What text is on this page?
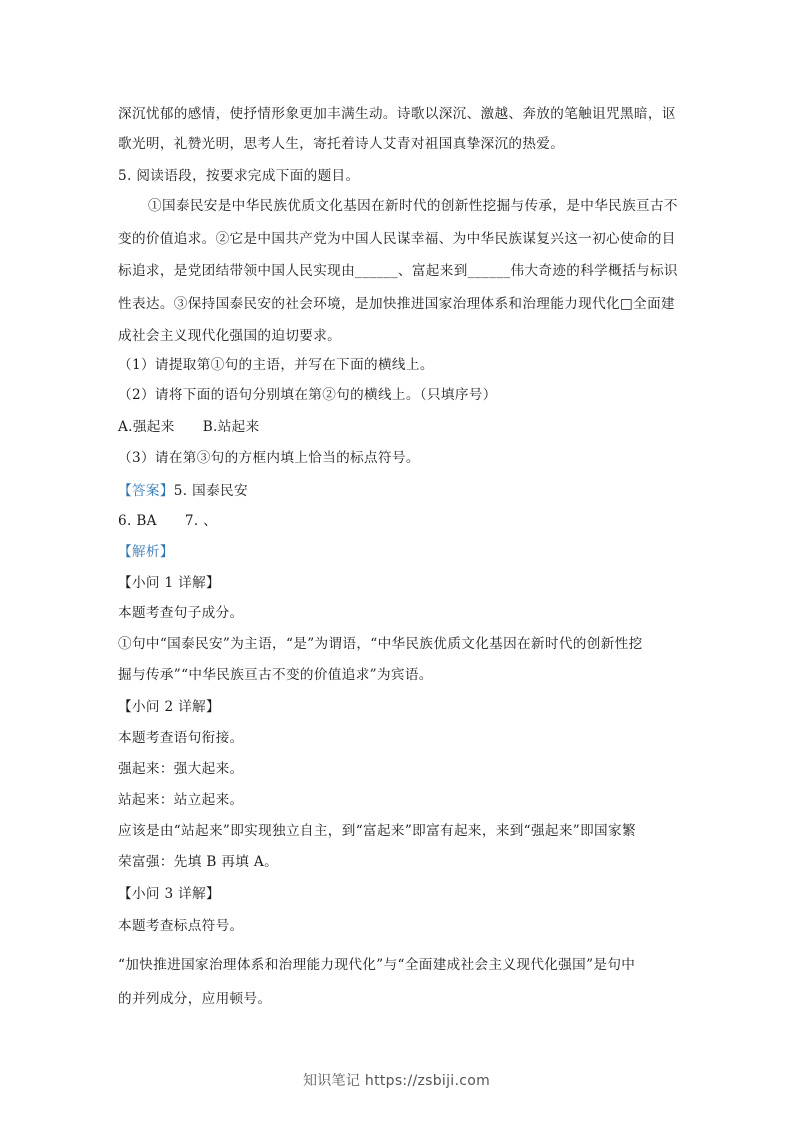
深沉忧郁的感情，使抒情形象更加丰满生动。诗歌以深沉、激越、奔放的笔触诅咒黑暗，讴
歌光明，礼赞光明，思考人生，寄托着诗人艾青对祖国真挚深沉的热爱。
5. 阅读语段，按要求完成下面的题目。
①国泰民安是中华民族优质文化基因在新时代的创新性挖掘与传承，是中华民族亘古不
变的价值追求。②它是中国共产党为中国人民谋幸福、为中华民族谋复兴这一初心使命的目
标追求，是党团结带领中国人民实现由______、富起来到______伟大奇迹的科学概括与标识
性表达。③保持国泰民安的社会环境，是加快推进国家治理体系和治理能力现代化□全面建
成社会主义现代化强国的迫切要求。
（1）请提取第①句的主语，并写在下面的横线上。
（2）请将下面的语句分别填在第②句的横线上。（只填序号）
A.强起来      B.站起来
（3）请在第③句的方框内填上恰当的标点符号。
【答案】5. 国泰民安
6. BA      7. 、
【解析】
【小问 1 详解】
本题考查句子成分。
①句中“国泰民安”为主语，“是”为谓语，“中华民族优质文化基因在新时代的创新性挖
掘与传承”“中华民族亘古不变的价值追求”为宾语。
【小问 2 详解】
本题考查语句衔接。
强起来：强大起来。
站起来：站立起来。
应该是由“站起来”即实现独立自主，到“富起来”即富有起来，来到“强起来”即国家繁
荣富强：先填 B 再填 A。
【小问 3 详解】
本题考查标点符号。
“加快推进国家治理体系和治理能力现代化”与“全面建成社会主义现代化强国”是句中
的并列成分，应用顿号。
知识笔记 https://zsbiji.com
